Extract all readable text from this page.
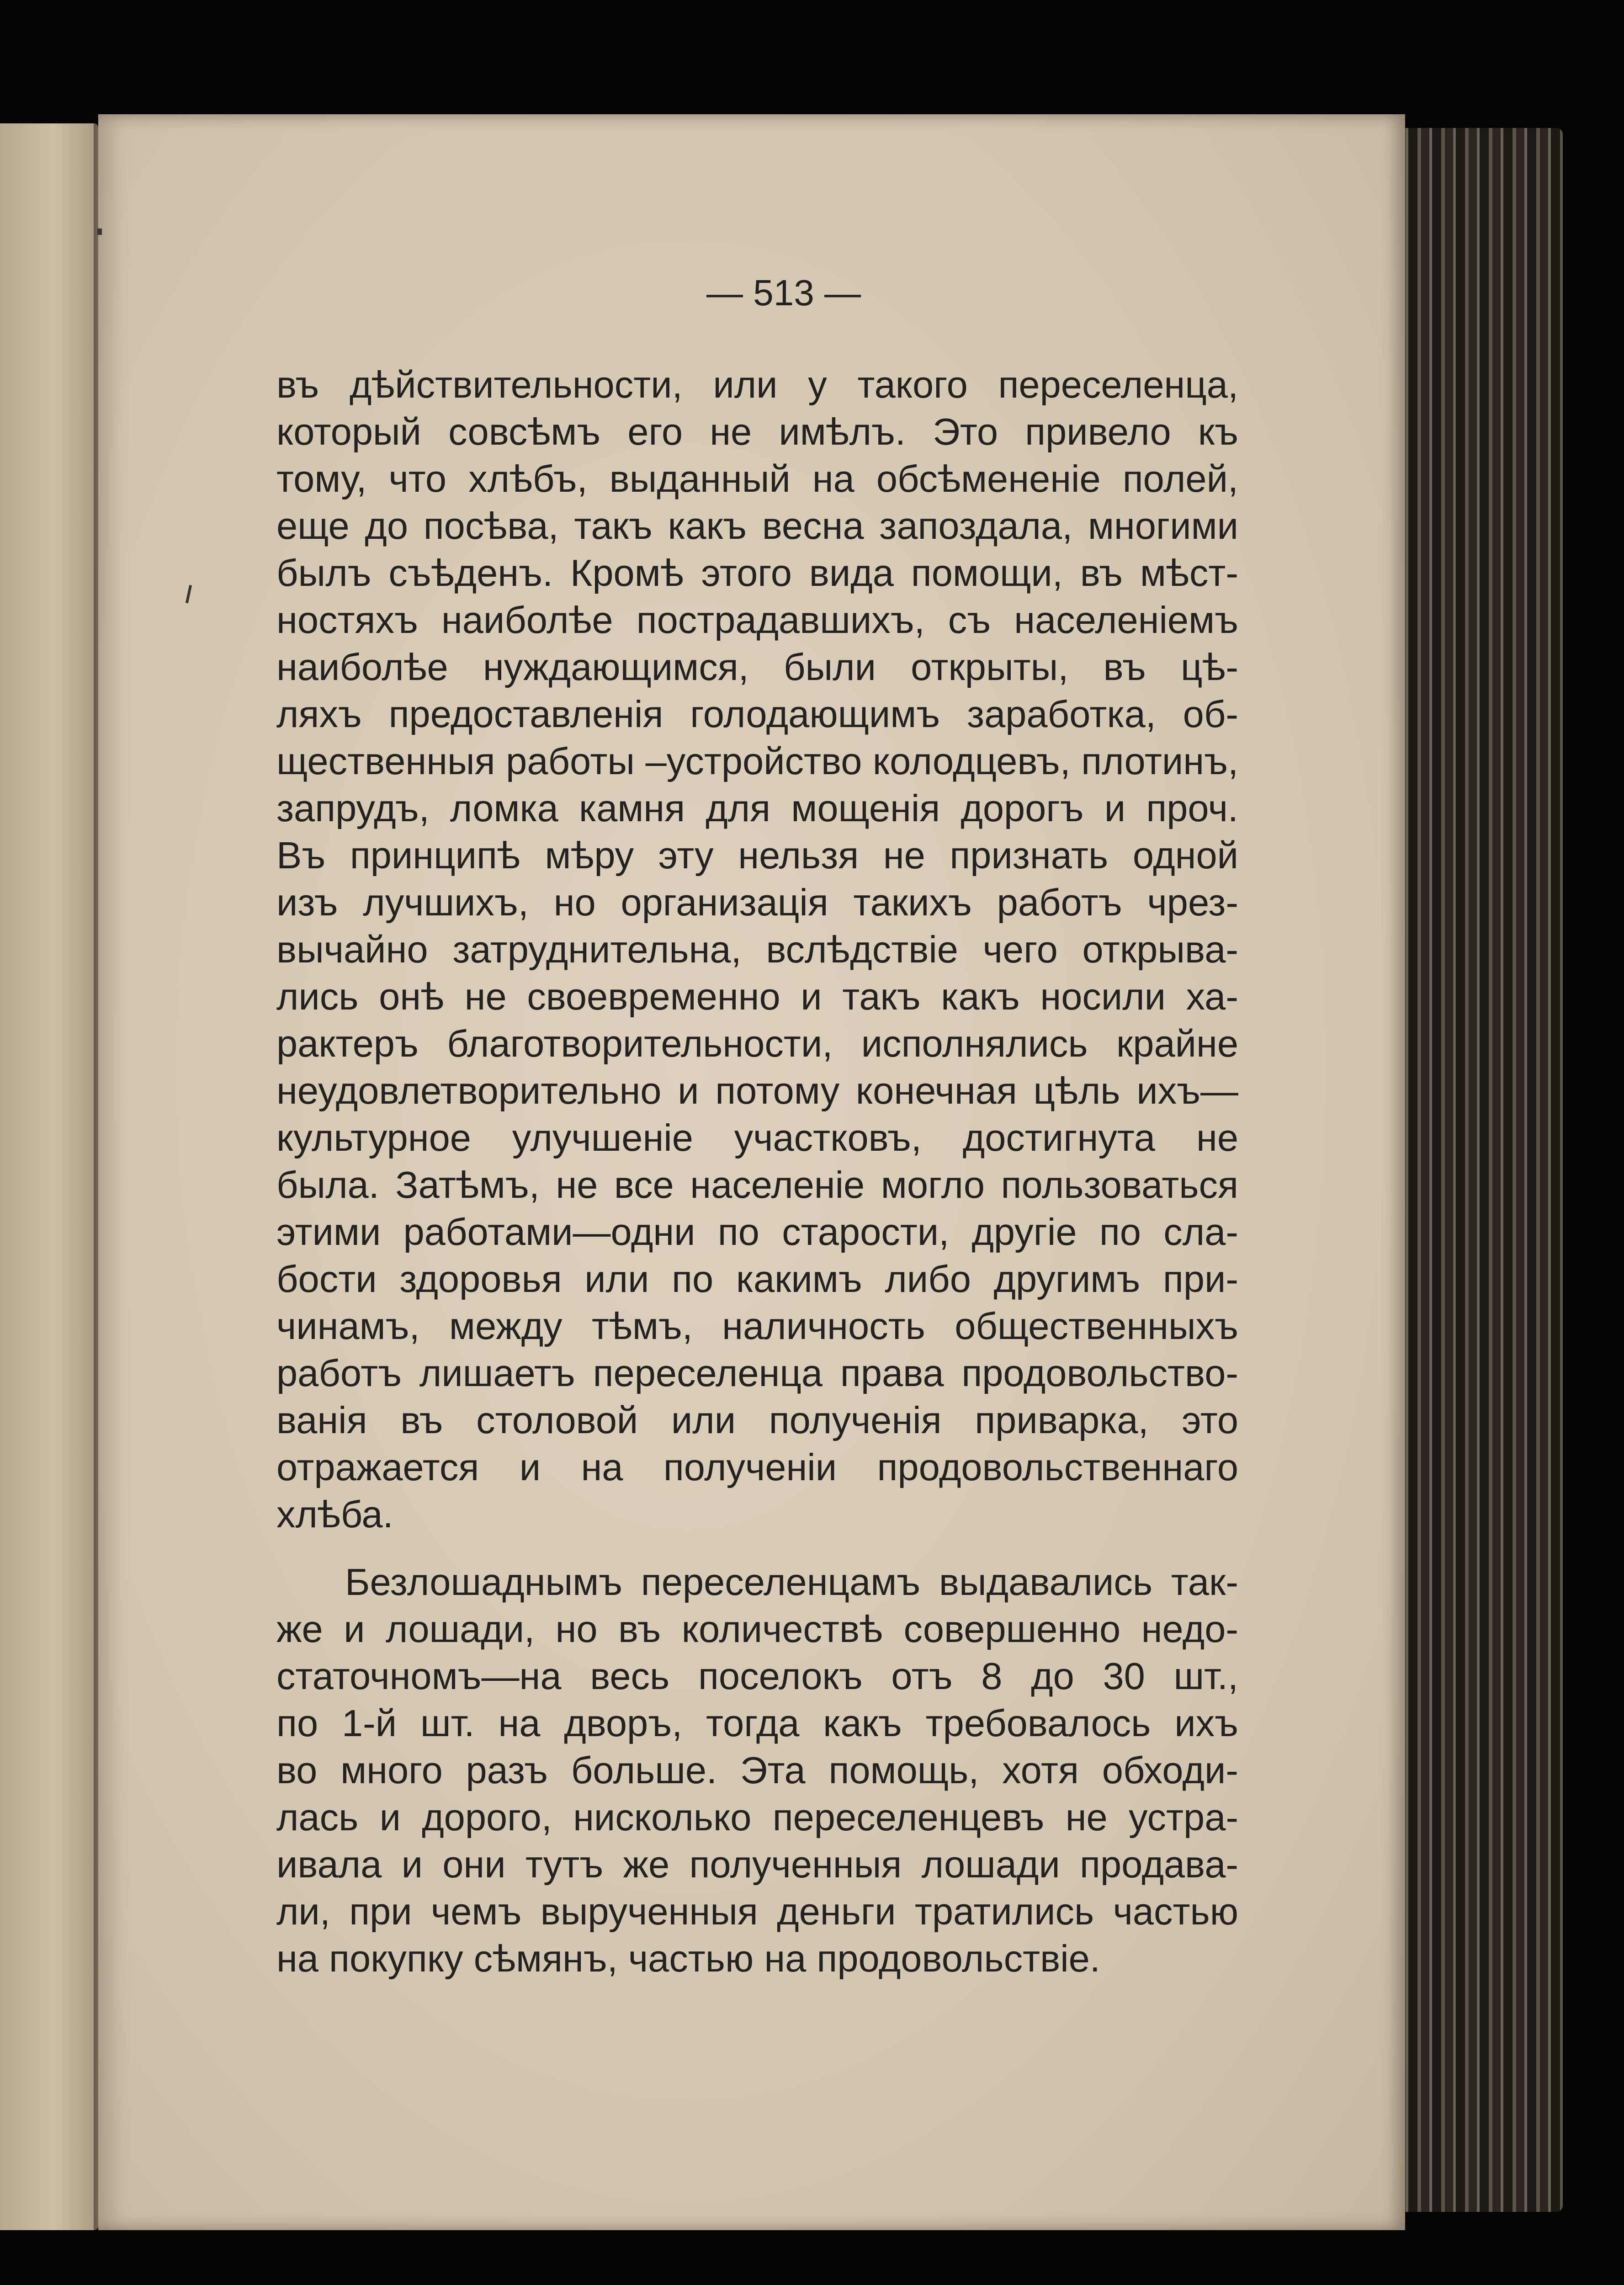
— 513 —
въ дѣйствительности, или у такого переселенца,
который совсѣмъ его не имѣлъ. Это привело къ
тому, что хлѣбъ, выданный на обсѣмененіе полей,
еще до посѣва, такъ какъ весна запоздала, многими
былъ съѣденъ. Кромѣ этого вида помощи, въ мѣст-
ностяхъ наиболѣе пострадавшихъ, съ населеніемъ
наиболѣе нуждающимся, были открыты, въ цѣ-
ляхъ предоставленія голодающимъ заработка, об-
щественныя работы –устройство колодцевъ, плотинъ,
запрудъ, ломка камня для мощенія дорогъ и проч.
Въ принципѣ мѣру эту нельзя не признать одной
изъ лучшихъ, но организація такихъ работъ чрез-
вычайно затруднительна, вслѣдствіе чего открыва-
лись онѣ не своевременно и такъ какъ носили ха-
рактеръ благотворительности, исполнялись крайне
неудовлетворительно и потому конечная цѣль ихъ—
культурное улучшеніе участковъ, достигнута не
была. Затѣмъ, не все населеніе могло пользоваться
этими работами—одни по старости, другіе по сла-
бости здоровья или по какимъ либо другимъ при-
чинамъ, между тѣмъ, наличность общественныхъ
работъ лишаетъ переселенца права продовольство-
ванія въ столовой или полученія приварка, это
отражается и на полученіи продовольственнаго
хлѣба.
Безлошаднымъ переселенцамъ выдавались так-
же и лошади, но въ количествѣ совершенно недо-
статочномъ—на весь поселокъ отъ 8 до 30 шт.,
по 1-й шт. на дворъ, тогда какъ требовалось ихъ
во много разъ больше. Эта помощь, хотя обходи-
лась и дорого, нисколько переселенцевъ не устра-
ивала и они тутъ же полученныя лошади продава-
ли, при чемъ вырученныя деньги тратились частью
на покупку сѣмянъ, частью на продовольствіе.
